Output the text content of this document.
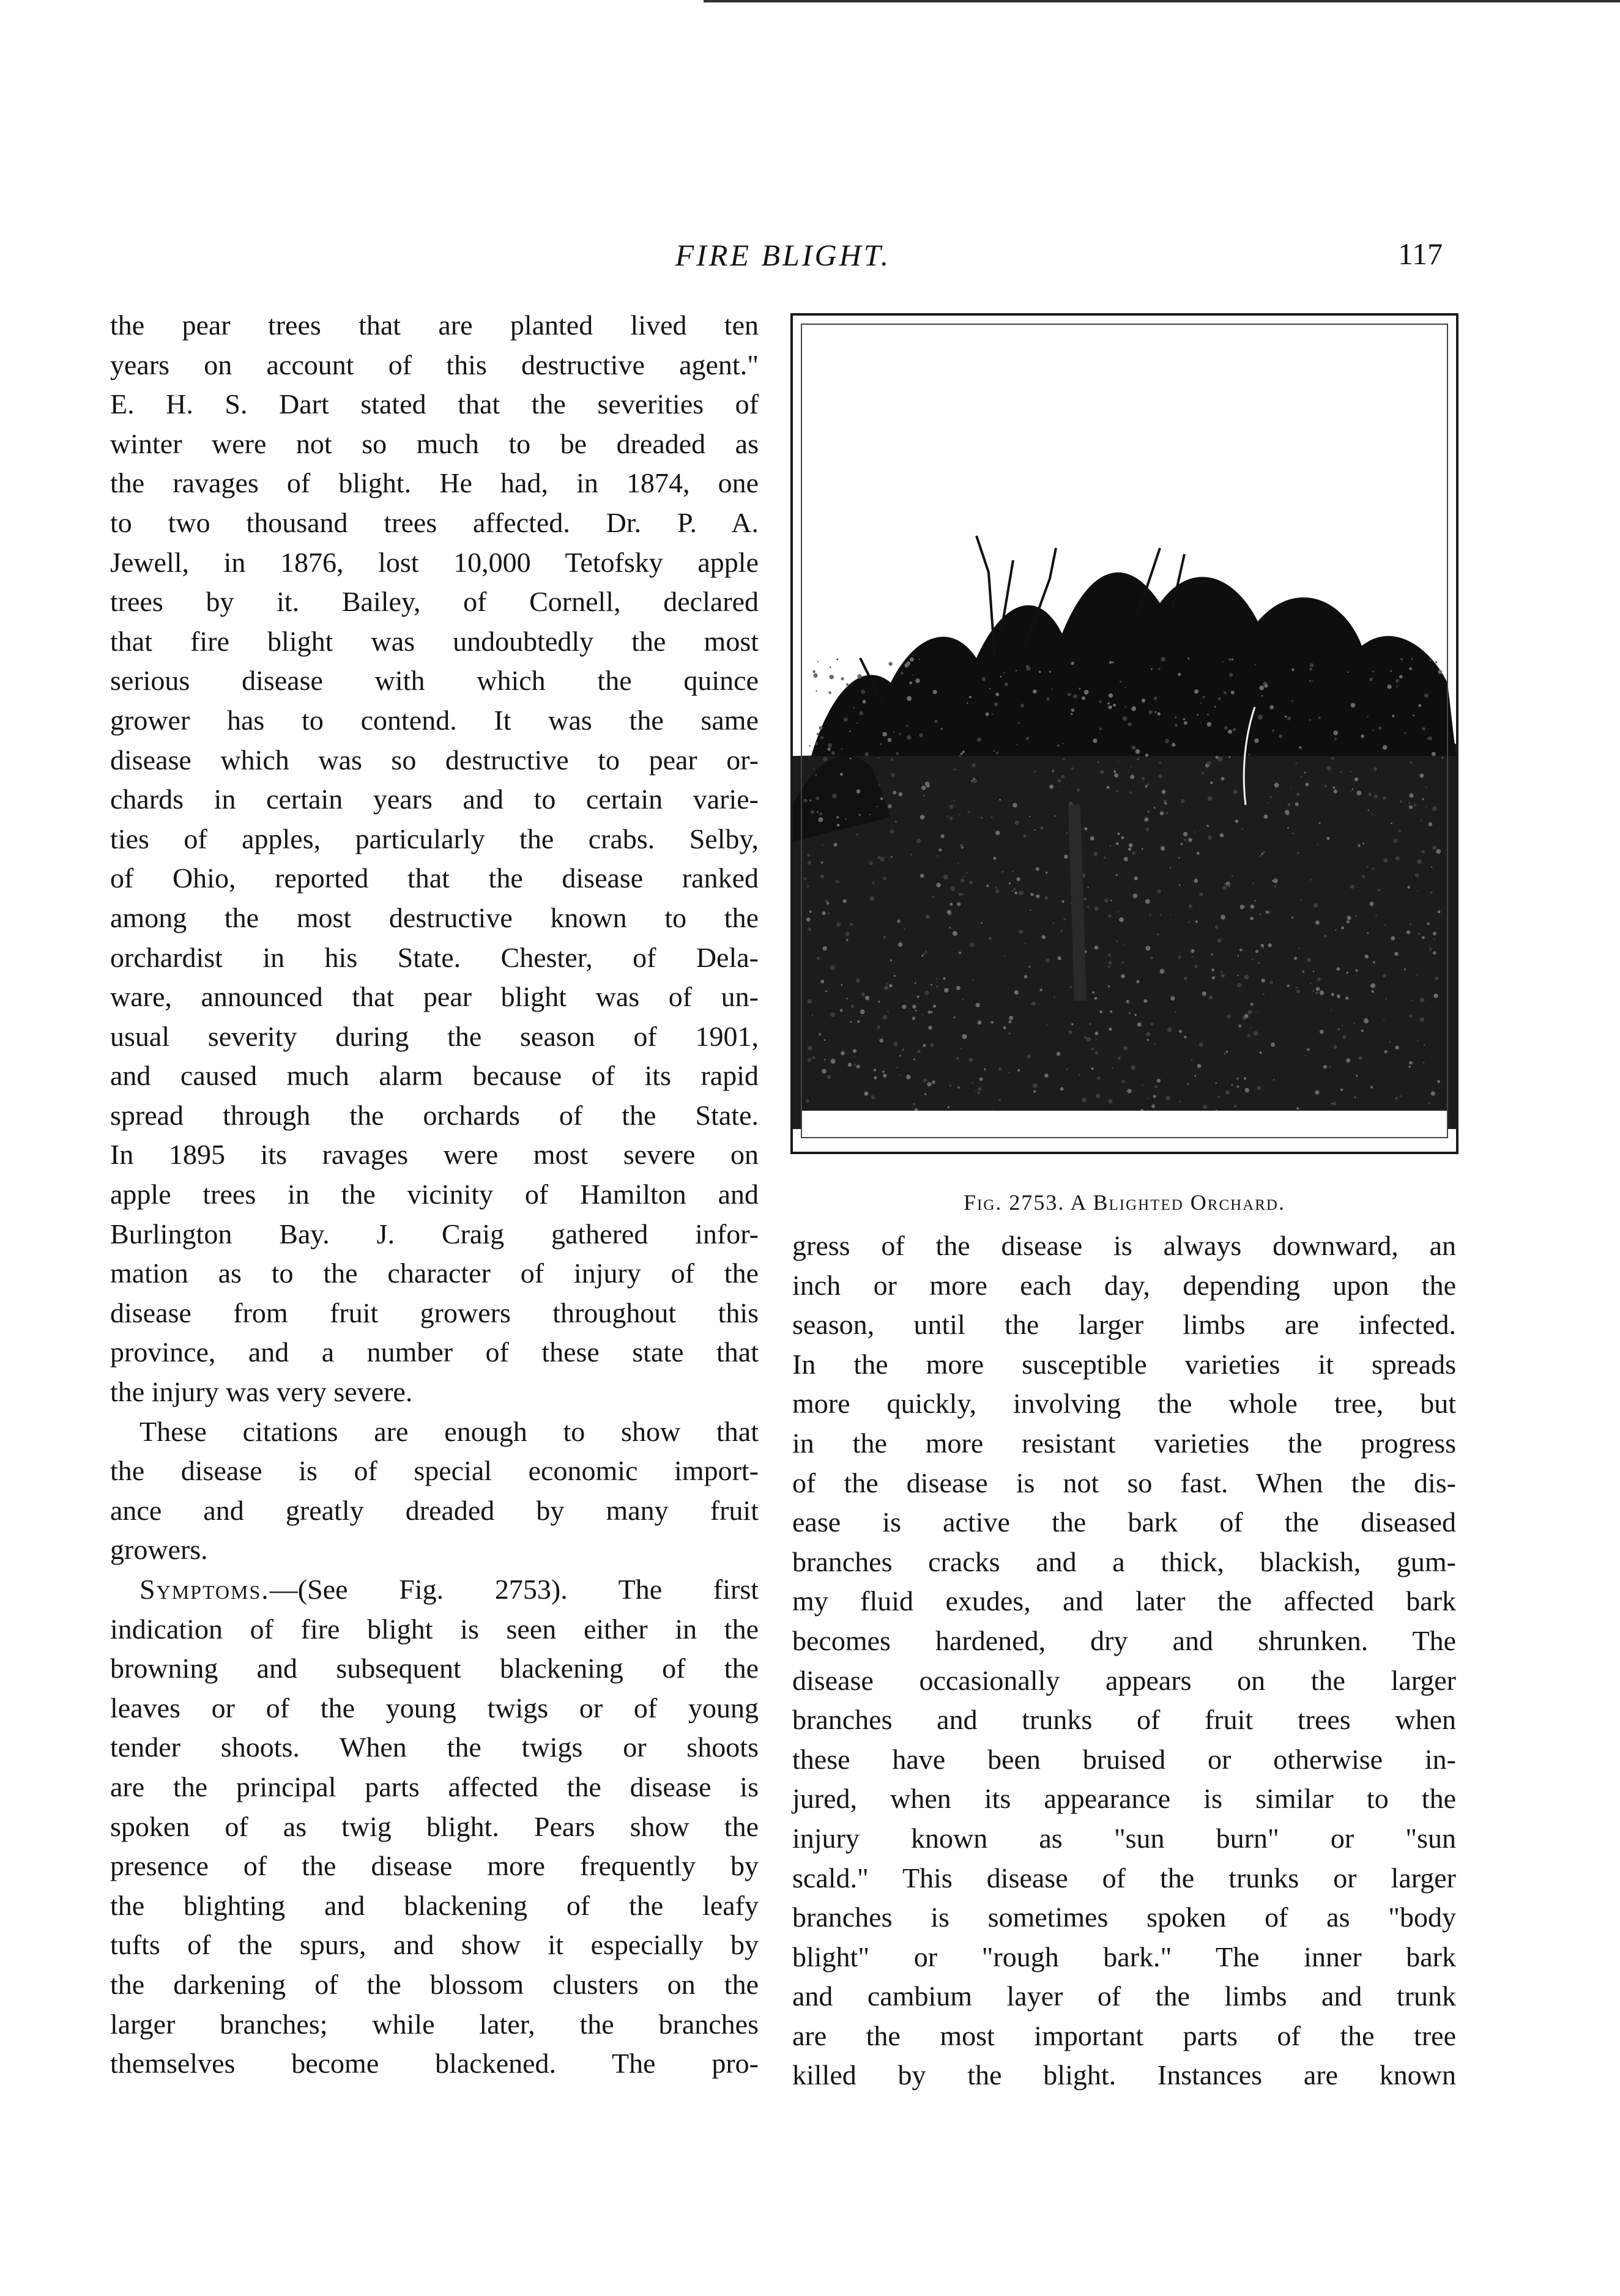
FIRE BLIGHT.	117

the pear trees that are planted lived ten
years on account of this destructive agent."
E. H. S. Dart stated that the severities of
winter were not so much to be dreaded as
the ravages of blight. He had, in 1874, one
to two thousand trees affected. Dr. P. A.
Jewell, in 1876, lost 10,000 Tetofsky apple
trees by it. Bailey, of Cornell, declared
that fire blight was undoubtedly the most
serious disease with which the quince
grower has to contend. It was the same
disease which was so destructive to pear or-
chards in certain years and to certain varie-
ties of apples, particularly the crabs. Selby,
of Ohio, reported that the disease ranked
among the most destructive known to the
orchardist in his State. Chester, of Dela-
ware, announced that pear blight was of un-
usual severity during the season of 1901,
and caused much alarm because of its rapid
spread through the orchards of the State.
In 1895 its ravages were most severe on
apple trees in the vicinity of Hamilton and
Burlington Bay. J. Craig gathered infor-
mation as to the character of injury of the
disease from fruit growers throughout this
province, and a number of these state that
the injury was very severe.

These citations are enough to show that
the disease is of special economic import-
ance and greatly dreaded by many fruit
growers.

Symptoms.—(See Fig. 2753). The first
indication of fire blight is seen either in the
browning and subsequent blackening of the
leaves or of the young twigs or of young
tender shoots. When the twigs or shoots
are the principal parts affected the disease is
spoken of as twig blight. Pears show the
presence of the disease more frequently by
the blighting and blackening of the leafy
tufts of the spurs, and show it especially by
the darkening of the blossom clusters on the
larger branches; while later, the branches
themselves become blackened. The pro-

Fig. 2753. A Blighted Orchard.

gress of the disease is always downward, an
inch or more each day, depending upon the
season, until the larger limbs are infected.
In the more susceptible varieties it spreads
more quickly, involving the whole tree, but
in the more resistant varieties the progress
of the disease is not so fast. When the dis-
ease is active the bark of the diseased
branches cracks and a thick, blackish, gum-
my fluid exudes, and later the affected bark
becomes hardened, dry and shrunken. The
disease occasionally appears on the larger
branches and trunks of fruit trees when
these have been bruised or otherwise in-
jured, when its appearance is similar to the
injury known as "sun burn" or "sun
scald." This disease of the trunks or larger
branches is sometimes spoken of as "body
blight" or "rough bark." The inner bark
and cambium layer of the limbs and trunk
are the most important parts of the tree
killed by the blight. Instances are known
